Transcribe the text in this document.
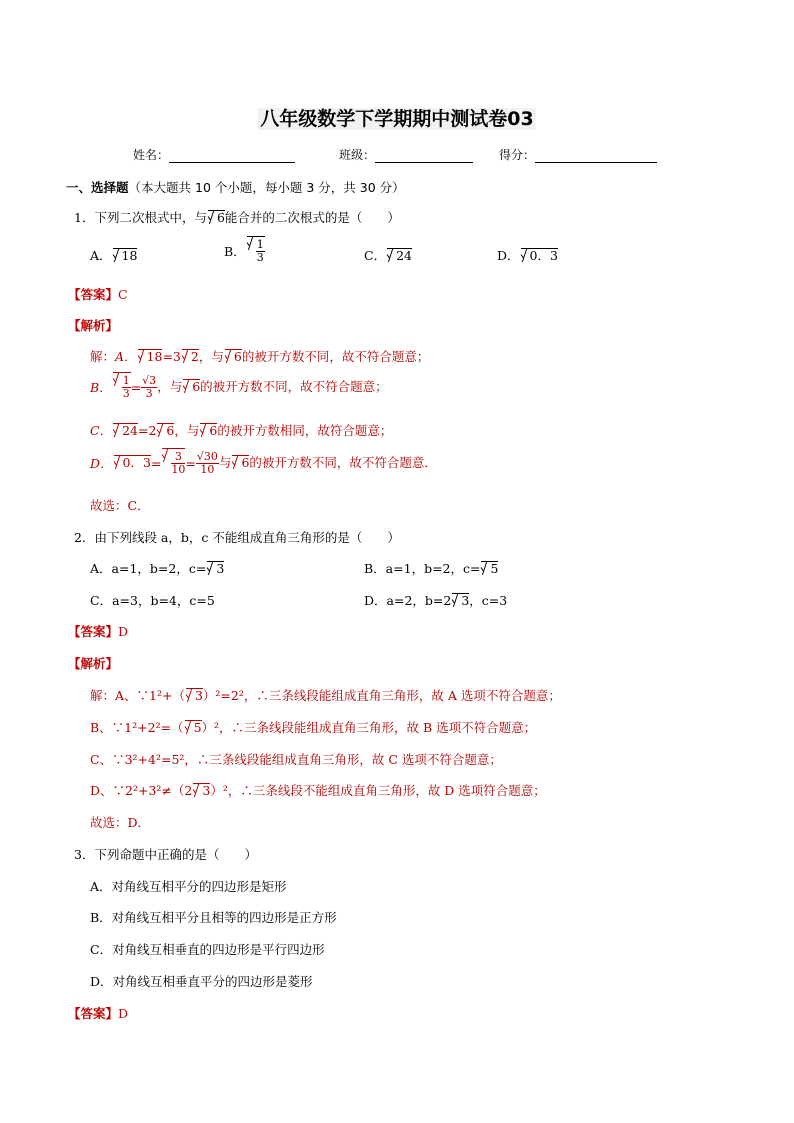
八年级数学下学期期中测试卷03
姓名：	班级：	得分：
一、选择题（本大题共 10 个小题，每小题 3 分，共 30 分）
1．下列二次根式中，与 6能合并的二次根式的是（　　）
A． 18	B． $\frac{1}{3}$	C． 24	D． 0．3
【答案】C
【解析】
解：A． 18=3 2，与 6的被开方数不同，故不符合题意；
B． $\frac{1}{3} = \frac{√3}{3}$ ，与 6的被开方数不同，故不符合题意；
C． 24=2 6，与 6的被开方数相同，故符合题意；
D． 0．$3= \frac{3}{10} = \frac{√30}{10}$ 与 6的被开方数不同，故不符合题意．
故选：C．
2．由下列线段 a，b，c 不能组成直角三角形的是（　　）
A．a=1，b=2，c= 3	B．a=1，b=2，c= 5
C．a=3，b=4，c=5	D．a=2，b=2 3，c=3
【答案】D
【解析】
解：A、∵1²+（ 3）²=2²，∴三条线段能组成直角三角形，故 A 选项不符合题意；
B、∵1²+2²=（ 5）²，∴三条线段能组成直角三角形，故 B 选项不符合题意；
C、∵3²+4²=5²，∴三条线段能组成直角三角形，故 C 选项不符合题意；
D、∵2²+3²≠（2 3）²，∴三条线段不能组成直角三角形，故 D 选项符合题意；
故选：D．
3．下列命题中正确的是（　　）
A．对角线互相平分的四边形是矩形
B．对角线互相平分且相等的四边形是正方形
C．对角线互相垂直的四边形是平行四边形
D．对角线互相垂直平分的四边形是菱形
【答案】D
